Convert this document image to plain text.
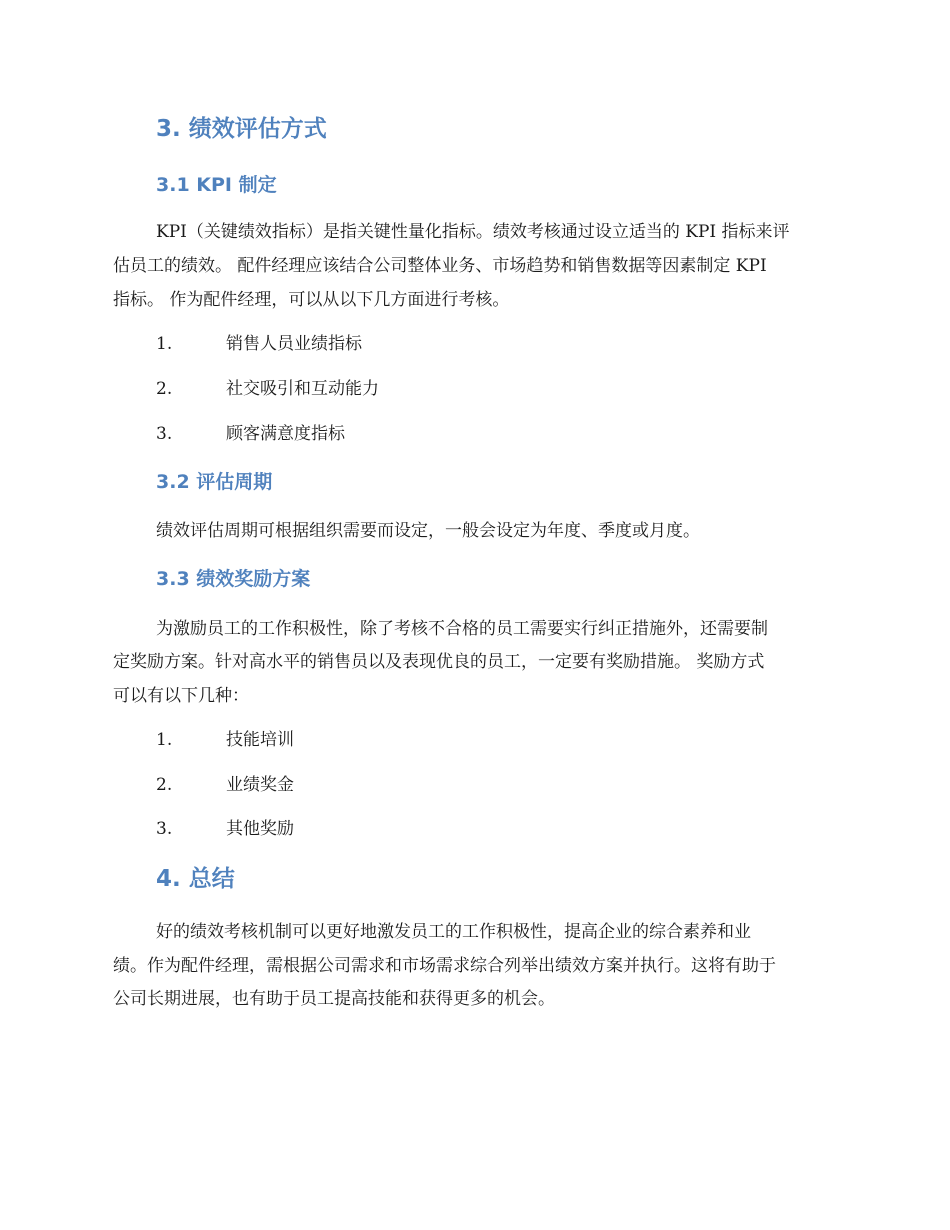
3. 绩效评估方式
3.1 KPI 制定
KPI（关键绩效指标）是指关键性量化指标。绩效考核通过设立适当的 KPI 指标来评
估员工的绩效。 配件经理应该结合公司整体业务、市场趋势和销售数据等因素制定 KPI
指标。 作为配件经理，可以从以下几方面进行考核。
1.	销售人员业绩指标
2.	社交吸引和互动能力
3.	顾客满意度指标
3.2 评估周期
绩效评估周期可根据组织需要而设定，一般会设定为年度、季度或月度。
3.3 绩效奖励方案
为激励员工的工作积极性，除了考核不合格的员工需要实行纠正措施外，还需要制
定奖励方案。针对高水平的销售员以及表现优良的员工，一定要有奖励措施。 奖励方式
可以有以下几种：
1.	技能培训
2.	业绩奖金
3.	其他奖励
4. 总结
好的绩效考核机制可以更好地激发员工的工作积极性，提高企业的综合素养和业
绩。作为配件经理，需根据公司需求和市场需求综合列举出绩效方案并执行。这将有助于
公司长期进展，也有助于员工提高技能和获得更多的机会。
